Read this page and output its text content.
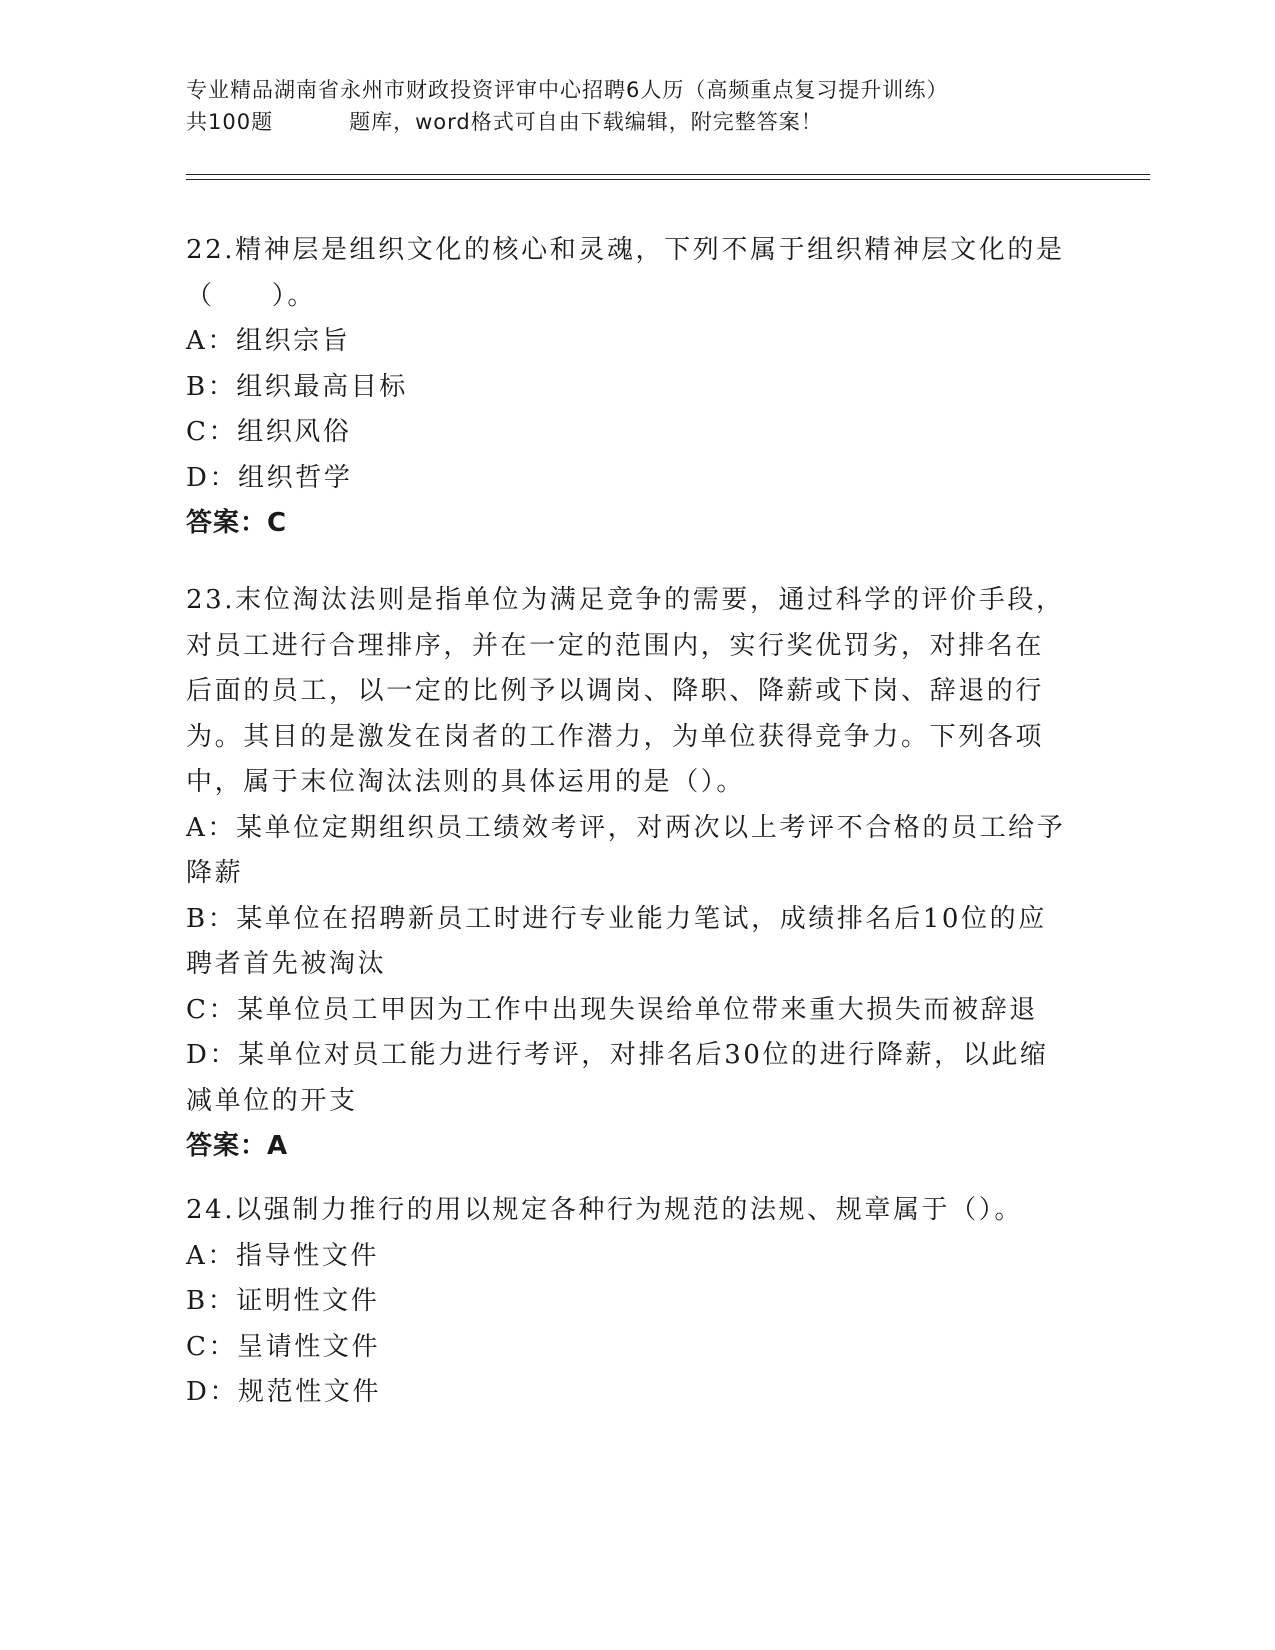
专业精品湖南省永州市财政投资评审中心招聘6人历（高频重点复习提升训练）
共100题	题库，word格式可自由下载编辑，附完整答案！

22.精神层是组织文化的核心和灵魂，下列不属于组织精神层文化的是

（　　）。

A：组织宗旨

B：组织最高目标

C：组织风俗

D：组织哲学

答案：C

23.末位淘汰法则是指单位为满足竞争的需要，通过科学的评价手段，

对员工进行合理排序，并在一定的范围内，实行奖优罚劣，对排名在

后面的员工，以一定的比例予以调岗、降职、降薪或下岗、辞退的行

为。其目的是激发在岗者的工作潜力，为单位获得竞争力。下列各项

中，属于末位淘汰法则的具体运用的是（）。

A：某单位定期组织员工绩效考评，对两次以上考评不合格的员工给予

降薪

B：某单位在招聘新员工时进行专业能力笔试，成绩排名后10位的应

聘者首先被淘汰

C：某单位员工甲因为工作中出现失误给单位带来重大损失而被辞退

D：某单位对员工能力进行考评，对排名后30位的进行降薪，以此缩

减单位的开支

答案：A

24.以强制力推行的用以规定各种行为规范的法规、规章属于（）。

A：指导性文件

B：证明性文件

C：呈请性文件

D：规范性文件
